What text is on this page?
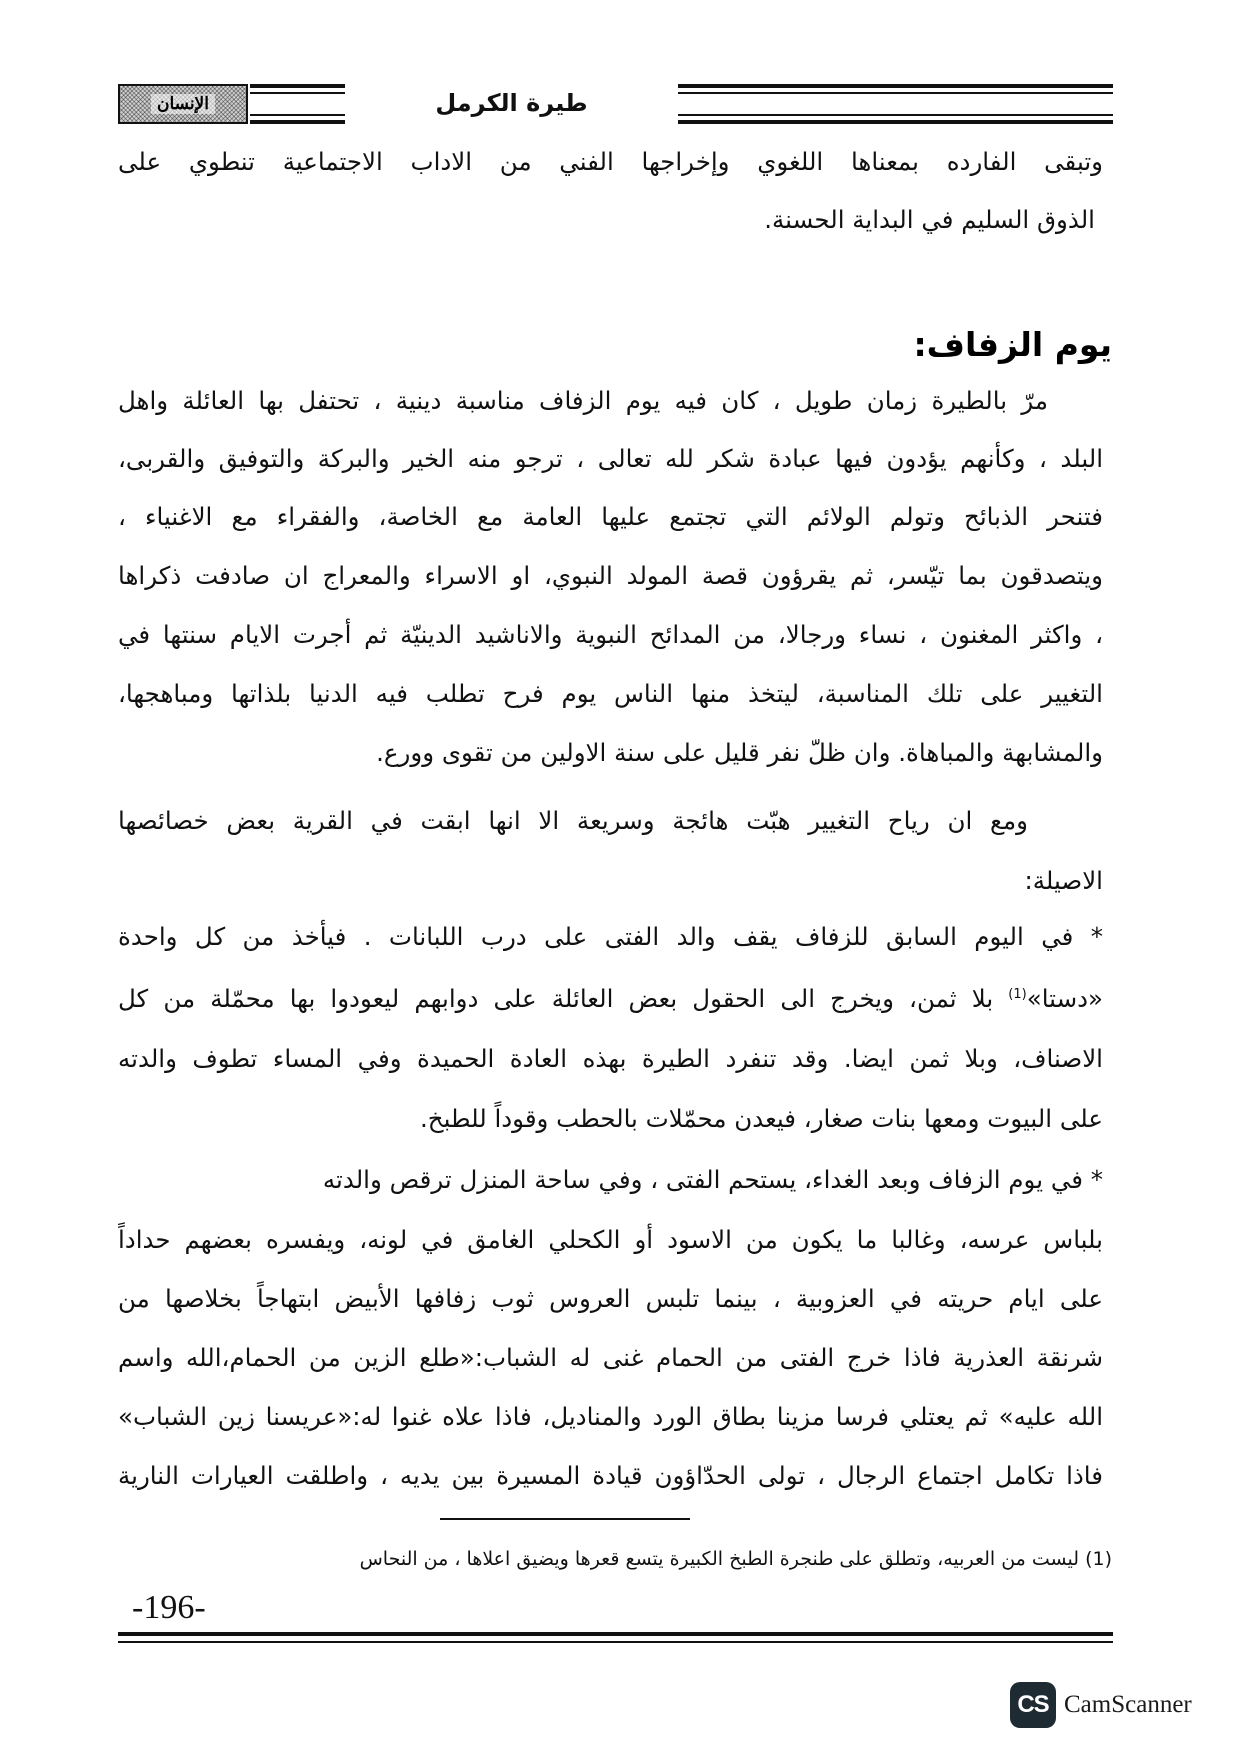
الإنسان	طيرة الكرمل
وتبقى الفارده بمعناها اللغوي وإخراجها الفني من الاداب الاجتماعية تنطوي على
الذوق السليم في البداية الحسنة.
يوم الزفاف:
مرّ بالطيرة زمان طويل ، كان فيه يوم الزفاف مناسبة دينية ، تحتفل بها العائلة واهل
البلد ، وكأنهم يؤدون فيها عبادة شكر لله تعالى ، ترجو منه الخير والبركة والتوفيق والقربى،
فتنحر الذبائح وتولم الولائم التي تجتمع عليها العامة مع الخاصة، والفقراء مع الاغنياء ،
ويتصدقون بما تيّسر، ثم يقرؤون قصة المولد النبوي، او الاسراء والمعراج ان صادفت ذكراها
، واكثر المغنون ، نساء ورجالا، من المدائح النبوية والاناشيد الدينيّة ثم أجرت الايام سنتها في
التغيير على تلك المناسبة، ليتخذ منها الناس يوم فرح تطلب فيه الدنيا بلذاتها ومباهجها،
والمشابهة والمباهاة. وان ظلّ نفر قليل على سنة الاولين من تقوى وورع.
ومع ان رياح التغيير هبّت هائجة وسريعة الا انها ابقت في القرية بعض خصائصها
الاصيلة:
* في اليوم السابق للزفاف يقف والد الفتى على درب اللبانات . فيأخذ من كل واحدة
«دستا»$^{(1)}$ بلا ثمن، ويخرج الى الحقول بعض العائلة على دوابهم ليعودوا بها محمّلة من كل
الاصناف، وبلا ثمن ايضا. وقد تنفرد الطيرة بهذه العادة الحميدة وفي المساء تطوف والدته
على البيوت ومعها بنات صغار، فيعدن محمّلات بالحطب وقوداً للطبخ.
* في يوم الزفاف وبعد الغداء، يستحم الفتى ، وفي ساحة المنزل ترقص والدته
بلباس عرسه، وغالبا ما يكون من الاسود أو الكحلي الغامق في لونه، ويفسره بعضهم حداداً
على ايام حريته في العزوبية ، بينما تلبس العروس ثوب زفافها الأبيض ابتهاجاً بخلاصها من
شرنقة العذرية فاذا خرج الفتى من الحمام غنى له الشباب:«طلع الزين من الحمام،الله واسم
الله عليه» ثم يعتلي فرسا مزينا بطاق الورد والمناديل، فاذا علاه غنوا له:«عريسنا زين الشباب»
فاذا تكامل اجتماع الرجال ، تولى الحدّاؤون قيادة المسيرة بين يديه ، واطلقت العيارات النارية
(1) ليست من العربيه، وتطلق على طنجرة الطبخ الكبيرة يتسع قعرها ويضيق اعلاها ، من النحاس
-196-
CS CamScanner
